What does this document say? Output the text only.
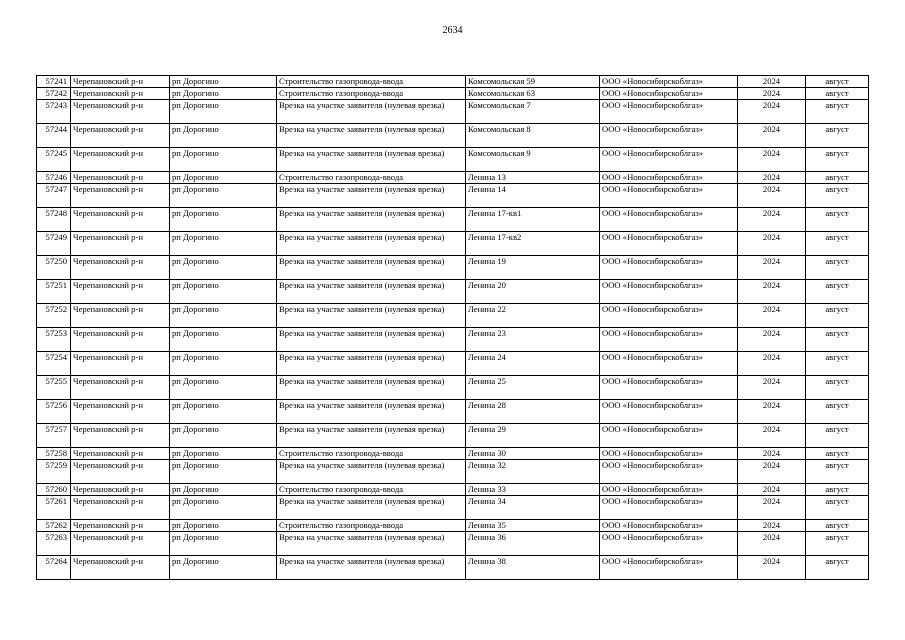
2634
57241	Черепановский р-н	рп Дорогино	Строительство газопровода-ввода	Комсомольская 59	ООО «Новосибирскоблгаз»	2024	август
57242	Черепановский р-н	рп Дорогино	Строительство газопровода-ввода	Комсомольская 63	ООО «Новосибирскоблгаз»	2024	август
57243	Черепановский р-н	рп Дорогино	Врезка на участке заявителя (нулевая врезка)	Комсомольская 7	ООО «Новосибирскоблгаз»	2024	август
57244	Черепановский р-н	рп Дорогино	Врезка на участке заявителя (нулевая врезка)	Комсомольская 8	ООО «Новосибирскоблгаз»	2024	август
57245	Черепановский р-н	рп Дорогино	Врезка на участке заявителя (нулевая врезка)	Комсомольская 9	ООО «Новосибирскоблгаз»	2024	август
57246	Черепановский р-н	рп Дорогино	Строительство газопровода-ввода	Ленина 13	ООО «Новосибирскоблгаз»	2024	август
57247	Черепановский р-н	рп Дорогино	Врезка на участке заявителя (нулевая врезка)	Ленина 14	ООО «Новосибирскоблгаз»	2024	август
57248	Черепановский р-н	рп Дорогино	Врезка на участке заявителя (нулевая врезка)	Ленина 17-кв1	ООО «Новосибирскоблгаз»	2024	август
57249	Черепановский р-н	рп Дорогино	Врезка на участке заявителя (нулевая врезка)	Ленина 17-кв2	ООО «Новосибирскоблгаз»	2024	август
57250	Черепановский р-н	рп Дорогино	Врезка на участке заявителя (нулевая врезка)	Ленина 19	ООО «Новосибирскоблгаз»	2024	август
57251	Черепановский р-н	рп Дорогино	Врезка на участке заявителя (нулевая врезка)	Ленина 20	ООО «Новосибирскоблгаз»	2024	август
57252	Черепановский р-н	рп Дорогино	Врезка на участке заявителя (нулевая врезка)	Ленина 22	ООО «Новосибирскоблгаз»	2024	август
57253	Черепановский р-н	рп Дорогино	Врезка на участке заявителя (нулевая врезка)	Ленина 23	ООО «Новосибирскоблгаз»	2024	август
57254	Черепановский р-н	рп Дорогино	Врезка на участке заявителя (нулевая врезка)	Ленина 24	ООО «Новосибирскоблгаз»	2024	август
57255	Черепановский р-н	рп Дорогино	Врезка на участке заявителя (нулевая врезка)	Ленина 25	ООО «Новосибирскоблгаз»	2024	август
57256	Черепановский р-н	рп Дорогино	Врезка на участке заявителя (нулевая врезка)	Ленина 28	ООО «Новосибирскоблгаз»	2024	август
57257	Черепановский р-н	рп Дорогино	Врезка на участке заявителя (нулевая врезка)	Ленина 29	ООО «Новосибирскоблгаз»	2024	август
57258	Черепановский р-н	рп Дорогино	Строительство газопровода-ввода	Ленина 30	ООО «Новосибирскоблгаз»	2024	август
57259	Черепановский р-н	рп Дорогино	Врезка на участке заявителя (нулевая врезка)	Ленина 32	ООО «Новосибирскоблгаз»	2024	август
57260	Черепановский р-н	рп Дорогино	Строительство газопровода-ввода	Ленина 33	ООО «Новосибирскоблгаз»	2024	август
57261	Черепановский р-н	рп Дорогино	Врезка на участке заявителя (нулевая врезка)	Ленина 34	ООО «Новосибирскоблгаз»	2024	август
57262	Черепановский р-н	рп Дорогино	Строительство газопровода-ввода	Ленина 35	ООО «Новосибирскоблгаз»	2024	август
57263	Черепановский р-н	рп Дорогино	Врезка на участке заявителя (нулевая врезка)	Ленина 36	ООО «Новосибирскоблгаз»	2024	август
57264	Черепановский р-н	рп Дорогино	Врезка на участке заявителя (нулевая врезка)	Ленина 38	ООО «Новосибирскоблгаз»	2024	август
